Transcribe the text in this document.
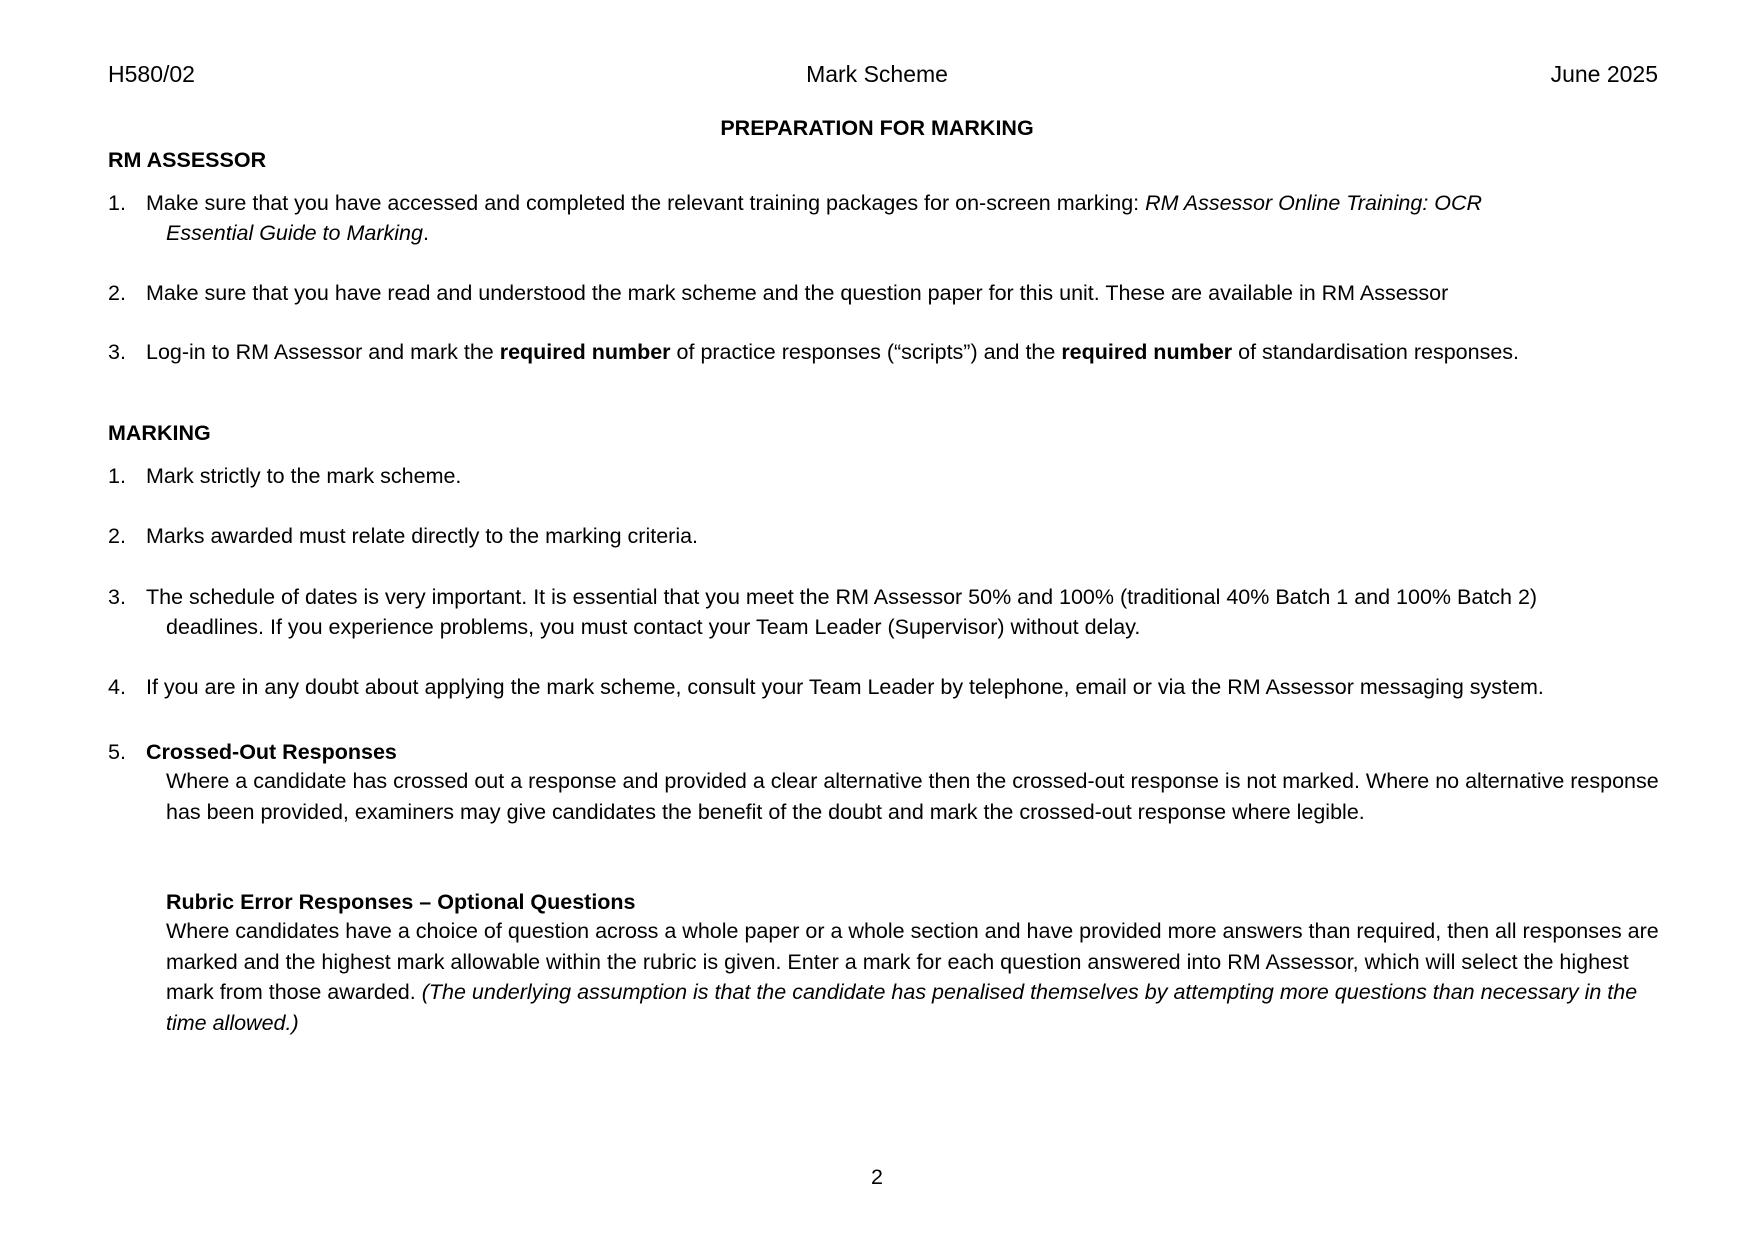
H580/02	Mark Scheme	June 2025
PREPARATION FOR MARKING
RM ASSESSOR
Make sure that you have accessed and completed the relevant training packages for on-screen marking: RM Assessor Online Training: OCR
Essential Guide to Marking.
1.
2. Make sure that you have read and understood the mark scheme and the question paper for this unit. These are available in RM Assessor
3. Log-in to RM Assessor and mark the required number of practice responses (“scripts”) and the required number of standardisation responses.
MARKING
1. Mark strictly to the mark scheme.
2. Marks awarded must relate directly to the marking criteria.
3. The schedule of dates is very important. It is essential that you meet the RM Assessor 50% and 100% (traditional 40% Batch 1 and 100% Batch 2)
deadlines. If you experience problems, you must contact your Team Leader (Supervisor) without delay.
4. If you are in any doubt about applying the mark scheme, consult your Team Leader by telephone, email or via the RM Assessor messaging system.
5. Crossed-Out Responses
Where a candidate has crossed out a response and provided a clear alternative then the crossed-out response is not marked. Where no alternative response has been provided, examiners may give candidates the benefit of the doubt and mark the crossed-out response where legible.
Rubric Error Responses – Optional Questions
Where candidates have a choice of question across a whole paper or a whole section and have provided more answers than required, then all responses are marked and the highest mark allowable within the rubric is given. Enter a mark for each question answered into RM Assessor, which will select the highest mark from those awarded. (The underlying assumption is that the candidate has penalised themselves by attempting more questions than necessary in the time allowed.)
2
